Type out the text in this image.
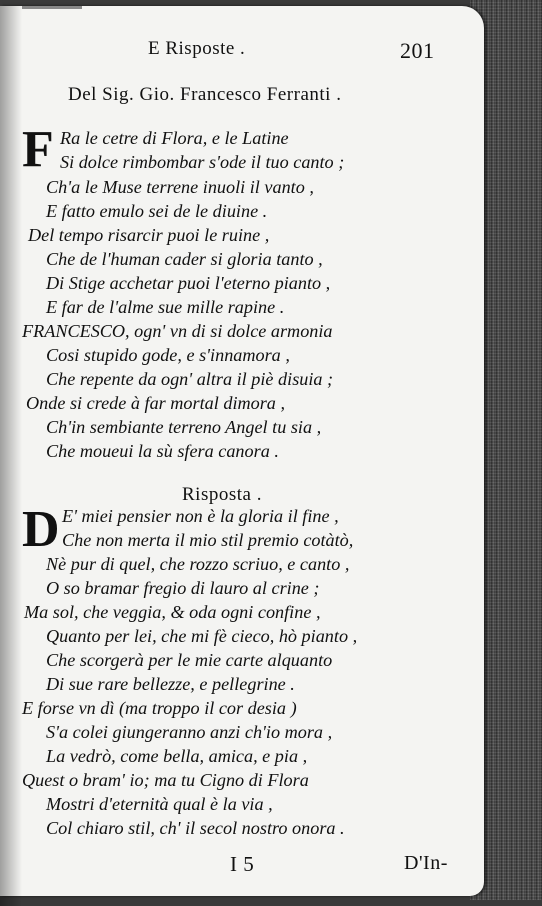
E Risposte .	201
Del Sig. Gio. Francesco Ferranti .
F Ra le cetre di Flora, e le Latine
Si dolce rimbombar s'ode il tuo canto ;
Ch'a le Muse terrene inuoli il vanto ,
E fatto emulo sei de le diuine .
Del tempo risarcir puoi le ruine ,
Che de l'human cader si gloria tanto ,
Di Stige acchetar puoi l'eterno pianto ,
E far de l'alme sue mille rapine .
FRANCESCO, ogn' vn di si dolce armonia
Cosi stupido gode, e s'innamora ,
Che repente da ogn' altra il piè disuia ;
Onde si crede à far mortal dimora ,
Ch'in sembiante terreno Angel tu sia ,
Che moueui la sù sfera canora .
Risposta .
D E' miei pensier non è la gloria il fine ,
Che non merta il mio stil premio cotàtò,
Nè pur di quel, che rozzo scriuo, e canto ,
O so bramar fregio di lauro al crine ;
Ma sol, che veggia, & oda ogni confine ,
Quanto per lei, che mi fè cieco, hò pianto ,
Che scorgerà per le mie carte alquanto
Di sue rare bellezze, e pellegrine .
E forse vn dì (ma troppo il cor desia )
S'a colei giungeranno anzi ch'io mora ,
La vedrò, come bella, amica, e pia ,
Quest o bram' io; ma tu Cigno di Flora
Mostri d'eternità qual è la via ,
Col chiaro stil, ch' il secol nostro onora .
I 5	D'In-
